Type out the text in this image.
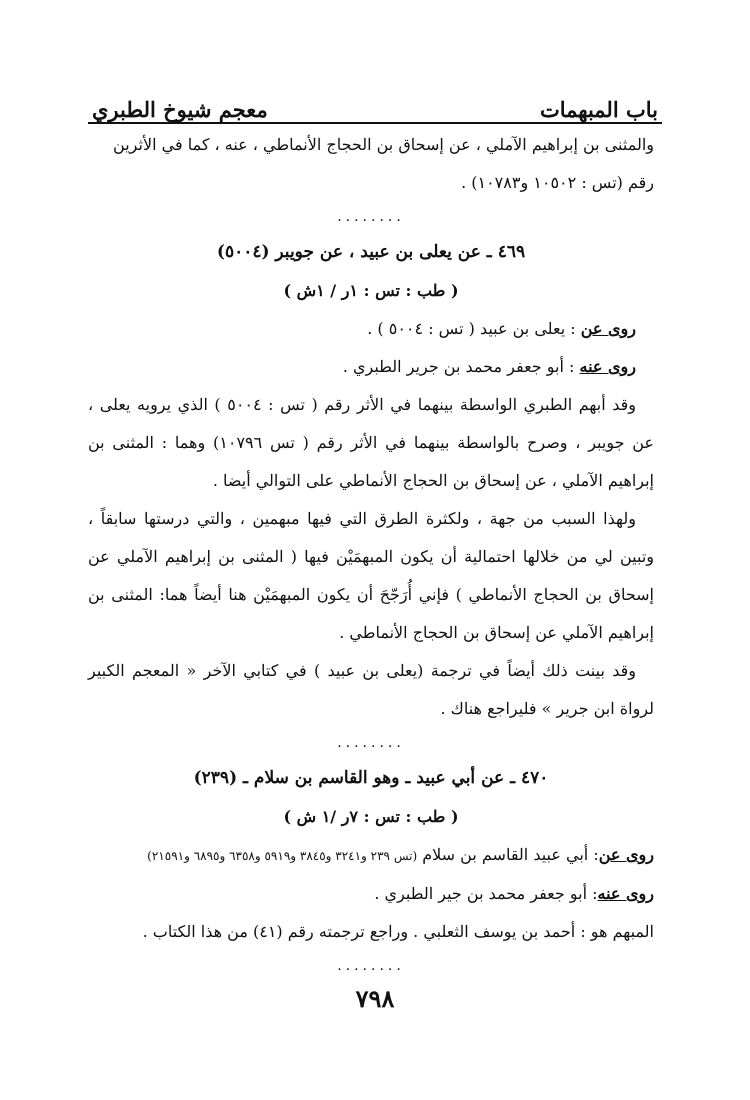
باب المبهمات
معجم شيوخ الطبري

والمثنى بن إبراهيم الآملي ، عن إسحاق بن الحجاج الأنماطي ، عنه ، كما في الأثرين

رقم (تس : ١٠٥٠٢ و١٠٧٨٣) .

........

٤٦٩ ـ عن يعلى بن عبيد ، عن جويبر (٥٠٠٤)

( طب : تس : ١ر / ١ش )

روى عن : يعلى بن عبيد ( تس : ٥٠٠٤ ) .

روى عنه : أبو جعفر محمد بن جرير الطبري .

وقد أبهم الطبري الواسطة بينهما في الأثر رقم ( تس : ٥٠٠٤ ) الذي يرويه يعلى ، عن جويبر ، وصرح بالواسطة بينهما في الأثر رقم ( تس ١٠٧٩٦) وهما : المثنى بن إبراهيم الآملي ، عن إسحاق بن الحجاج الأنماطي على التوالي أيضا .

ولهذا السبب من جهة ، ولكثرة الطرق التي فيها مبهمين ، والتي درستها سابقاً ، وتبين لي من خلالها احتمالية أن يكون المبهمَيْن فيها ( المثنى بن إبراهيم الآملي عن إسحاق بن الحجاج الأنماطي ) فإني أُرَجّحَ أن يكون المبهمَيْن هنا أيضاً هما: المثنى بن إبراهيم الآملي عن إسحاق بن الحجاج الأنماطي .

وقد بينت ذلك أيضاً في ترجمة (يعلى بن عبيد ) في كتابي الآخر « المعجم الكبير لرواة ابن جرير » فليراجع هناك .

........

٤٧٠ ـ عن أبي عبيد ـ وهو القاسم بن سلام ـ (٢٣٩)

( طب : تس : ٧ر /١ ش )

روى عن: أبي عبيد القاسم بن سلام (تس ٢٣٩ و٣٢٤١ و٣٨٤٥ و٥٩١٩ و٦٣٥٨ و٦٨٩٥ و٢١٥٩١)

روى عنه: أبو جعفر محمد بن جير الطبري .

المبهم هو : أحمد بن يوسف الثعلبي . وراجع ترجمته رقم (٤١) من هذا الكتاب .

........

٧٩٨
